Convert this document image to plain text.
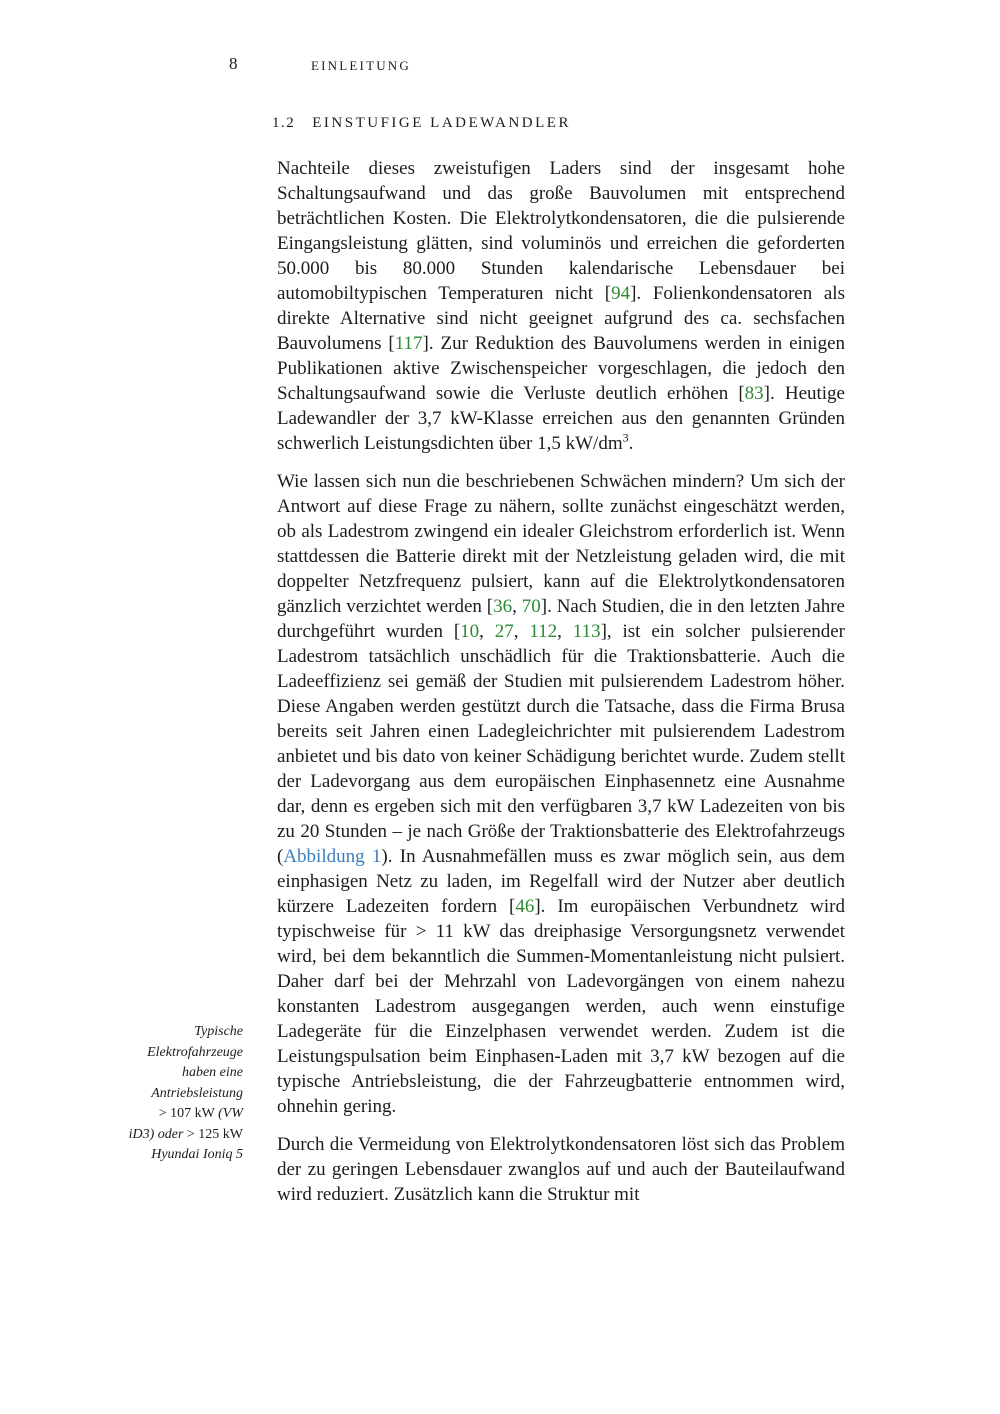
8	EINLEITUNG
1.2 EINSTUFIGE LADEWANDLER

Nachteile dieses zweistufigen Laders sind der insgesamt hohe Schaltungsaufwand und das große Bauvolumen mit entsprechend beträchtlichen Kosten. Die Elektrolytkondensatoren, die die pulsierende Eingangsleistung glätten, sind voluminös und erreichen die geforderten 50.000 bis 80.000 Stunden kalendarische Lebensdauer bei automobiltypischen Temperaturen nicht [94]. Folienkondensatoren als direkte Alternative sind nicht geeignet aufgrund des ca. sechsfachen Bauvolumens [117]. Zur Reduktion des Bauvolumens werden in einigen Publikationen aktive Zwischenspeicher vorgeschlagen, die jedoch den Schaltungsaufwand sowie die Verluste deutlich erhöhen [83]. Heutige Ladewandler der 3,7 kW-Klasse erreichen aus den genannten Gründen schwerlich Leistungsdichten über 1,5 $kW/dm^3$.

Wie lassen sich nun die beschriebenen Schwächen mindern? Um sich der Antwort auf diese Frage zu nähern, sollte zunächst eingeschätzt werden, ob als Ladestrom zwingend ein idealer Gleichstrom erforderlich ist. Wenn stattdessen die Batterie direkt mit der Netzleistung geladen wird, die mit doppelter Netzfrequenz pulsiert, kann auf die Elektrolytkondensatoren gänzlich verzichtet werden [36, 70]. Nach Studien, die in den letzten Jahre durchgeführt wurden [10, 27, 112, 113], ist ein solcher pulsierender Ladestrom tatsächlich unschädlich für die Traktionsbatterie. Auch die Ladeeffizienz sei gemäß der Studien mit pulsierendem Ladestrom höher. Diese Angaben werden gestützt durch die Tatsache, dass die Firma Brusa bereits seit Jahren einen Ladegleichrichter mit pulsierendem Ladestrom anbietet und bis dato von keiner Schädigung berichtet wurde. Zudem stellt der Ladevorgang aus dem europäischen Einphasennetz eine Ausnahme dar, denn es ergeben sich mit den verfügbaren 3,7 kW Ladezeiten von bis zu 20 Stunden – je nach Größe der Traktionsbatterie des Elektrofahrzeugs (Abbildung 1). In Ausnahmefällen muss es zwar möglich sein, aus dem einphasigen Netz zu laden, im Regelfall wird der Nutzer aber deutlich kürzere Ladezeiten fordern [46]. Im europäischen Verbundnetz wird typischweise für > 11 kW das dreiphasige Versorgungsnetz verwendet wird, bei dem bekanntlich die Summen-Momentanleistung nicht pulsiert. Daher darf bei der Mehrzahl von Ladevorgängen von einem nahezu konstanten Ladestrom ausgegangen werden, auch wenn einstufige Ladegeräte für die Einzelphasen verwendet werden. Zudem ist die Leistungspulsation beim Einphasen-Laden mit 3,7 kW bezogen auf die typische Antriebsleistung, die der Fahrzeugbatterie entnommen wird, ohnehin gering.

Durch die Vermeidung von Elektrolytkondensatoren löst sich das Problem der zu geringen Lebensdauer zwanglos auf und auch der Bauteilaufwand wird reduziert. Zusätzlich kann die Struktur mit

Typische
Elektrofahrzeuge
haben eine
Antriebsleistung
> 107 kW (VW
iD3) oder > 125 kW
Hyundai Ioniq 5
